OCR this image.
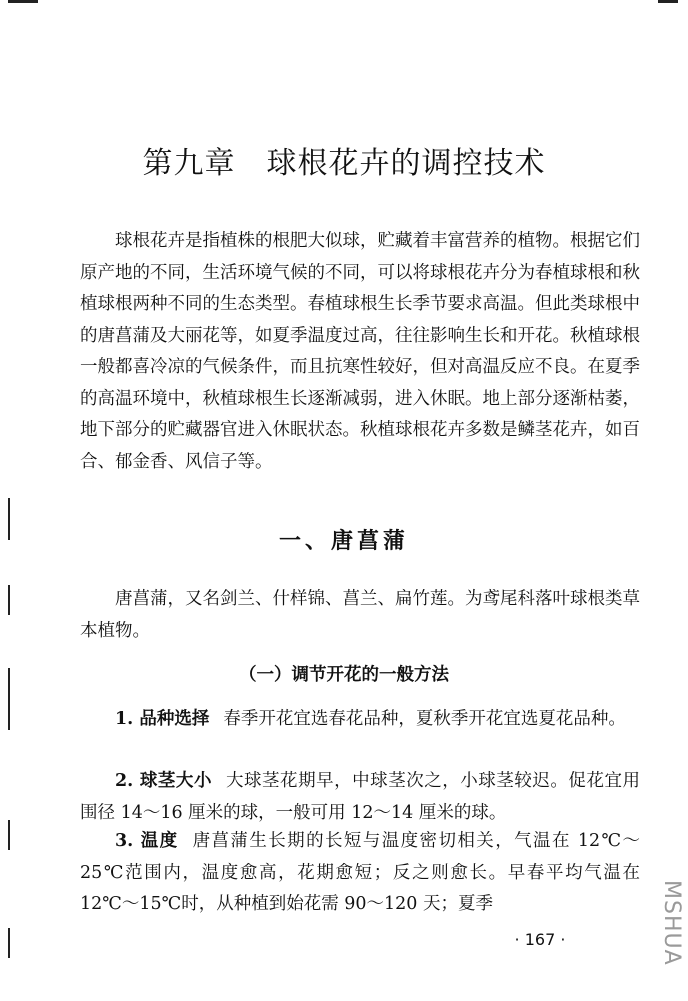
第九章　球根花卉的调控技术

球根花卉是指植株的根肥大似球，贮藏着丰富营养的植物。根据它们原产地的不同，生活环境气候的不同，可以将球根花卉分为春植球根和秋植球根两种不同的生态类型。春植球根生长季节要求高温。但此类球根中的唐菖蒲及大丽花等，如夏季温度过高，往往影响生长和开花。秋植球根一般都喜冷凉的气候条件，而且抗寒性较好，但对高温反应不良。在夏季的高温环境中，秋植球根生长逐渐减弱，进入休眠。地上部分逐渐枯萎，地下部分的贮藏器官进入休眠状态。秋植球根花卉多数是鳞茎花卉，如百合、郁金香、风信子等。

一、唐菖蒲

唐菖蒲，又名剑兰、什样锦、菖兰、扁竹莲。为鸢尾科落叶球根类草本植物。

（一）调节开花的一般方法

1. 品种选择 春季开花宜选春花品种，夏秋季开花宜选夏花品种。

2. 球茎大小 大球茎花期早，中球茎次之，小球茎较迟。促花宜用围径 14～16 厘米的球，一般可用 12～14 厘米的球。

3. 温度 唐菖蒲生长期的长短与温度密切相关，气温在 12℃～25℃范围内，温度愈高，花期愈短；反之则愈长。早春平均气温在 12℃～15℃时，从种植到始花需 90～120 天；夏季

· 167 ·	MSHUA
